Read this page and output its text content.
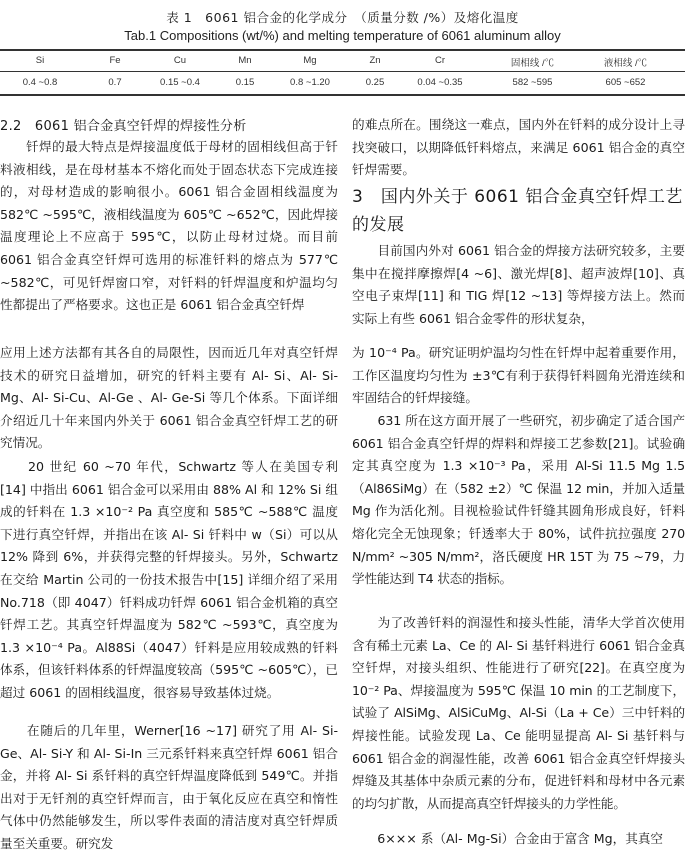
表 1　6061 铝合金的化学成分　（质量分数 /%）及熔化温度
Tab.1 Compositions (wt/%) and melting temperature of 6061 aluminum alloy
Si	Fe	Cu	Mn	Mg	Zn	Cr	固相线 /℃	液相线 /℃
0.4 ~0.8	0.7	0.15 ~0.4	0.15	0.8 ~1.20	0.25	0.04 ~0.35	582 ~595	605 ~652
2.2　6061 铝合金真空钎焊的焊接性分析
　　钎焊的最大特点是焊接温度低于母材的固相线但高于钎料液相线，是在母材基本不熔化而处于固态状态下完成连接的，对母材造成的影响很小。6061 铝合金固相线温度为 582℃ ~595℃，液相线温度为 605℃ ~652℃，因此焊接温度理论上不应高于 595℃，以防止母材过烧。而目前 6061 铝合金真空钎焊可选用的标准钎料的熔点为 577℃ ~582℃，可见钎焊窗口窄，对钎料的钎焊温度和炉温均匀性都提出了严格要求。这也正是 6061 铝合金真空钎焊
应用上述方法都有其各自的局限性，因而近几年对真空钎焊技术的研究日益增加，研究的钎料主要有 Al- Si、Al- Si-Mg、Al- Si-Cu、Al-Ge 、Al- Ge-Si 等几个体系。下面详细介绍近几十年来国内外关于 6061 铝合金真空钎焊工艺的研究情况。
　　20 世纪 60 ~70 年代，Schwartz 等人在美国专利[14] 中指出 6061 铝合金可以采用由 88% Al 和 12% Si 组成的钎料在 1.3 ×10⁻² Pa 真空度和 585℃ ~588℃ 温度下进行真空钎焊，并指出在该 Al- Si 钎料中 w（Si）可以从 12% 降到 6%，并获得完整的钎焊接头。另外，Schwartz 在交给 Martin 公司的一份技术报告中[15] 详细介绍了采用 No.718（即 4047）钎料成功钎焊 6061 铝合金机箱的真空钎焊工艺。其真空钎焊温度为 582℃ ~593℃，真空度为 1.3 ×10⁻⁴ Pa。Al88Si（4047）钎料是应用较成熟的钎料体系，但该钎料体系的钎焊温度较高（595℃ ~605℃），已超过 6061 的固相线温度，很容易导致基体过烧。
　　在随后的几年里，Werner[16 ~17] 研究了用 Al- Si-Ge、Al- Si-Y 和 Al- Si-In 三元系钎料来真空钎焊 6061 铝合金，并将 Al- Si 系钎料的真空钎焊温度降低到 549℃。并指出对于无钎剂的真空钎焊而言，由于氧化反应在真空和惰性气体中仍然能够发生，所以零件表面的清洁度对真空钎焊质量至关重要。研究发
的难点所在。围绕这一难点，国内外在钎料的成分设计上寻找突破口，以期降低钎料熔点，来满足 6061 铝合金的真空钎焊需要。
3　国内外关于 6061 铝合金真空钎焊工艺的发展
　　目前国内外对 6061 铝合金的焊接方法研究较多，主要集中在搅拌摩擦焊[4 ~6]、激光焊[8]、超声波焊[10]、真空电子束焊[11] 和 TIG 焊[12 ~13] 等焊接方法上。然而实际上有些 6061 铝合金零件的形状复杂，
为 10⁻⁴ Pa。研究证明炉温均匀性在钎焊中起着重要作用，工作区温度均匀性为 ±3℃有利于获得钎料圆角光滑连续和牢固结合的钎焊接缝。
　　631 所在这方面开展了一些研究，初步确定了适合国产 6061 铝合金真空钎焊的焊料和焊接工艺参数[21]。试验确定其真空度为 1.3 ×10⁻³ Pa，采用 Al-Si 11.5 Mg 1.5（Al86SiMg）在（582 ±2）℃ 保温 12 min，并加入适量 Mg 作为活化剂。目视检验试件钎缝其圆角形成良好，钎料熔化完全无蚀现象；钎透率大于 80%，试件抗拉强度 270 N/mm² ~305 N/mm²，洛氏硬度 HR 15T 为 75 ~79，力学性能达到 T4 状态的指标。
　　为了改善钎料的润湿性和接头性能，清华大学首次使用含有稀土元素 La、Ce 的 Al- Si 基钎料进行 6061 铝合金真空钎焊，对接头组织、性能进行了研究[22]。在真空度为 10⁻² Pa、焊接温度为 595℃ 保温 10 min 的工艺制度下，试验了 AlSiMg、AlSiCuMg、Al-Si（La + Ce）三中钎料的焊接性能。试验发现 La、Ce 能明显提高 Al- Si 基钎料与 6061 铝合金的润湿性能，改善 6061 铝合金真空钎焊接头焊缝及其基体中杂质元素的分布，促进钎料和母材中各元素的均匀扩散，从而提高真空钎焊接头的力学性能。
　　6××× 系（Al- Mg-Si）合金由于富含 Mg，其真空
